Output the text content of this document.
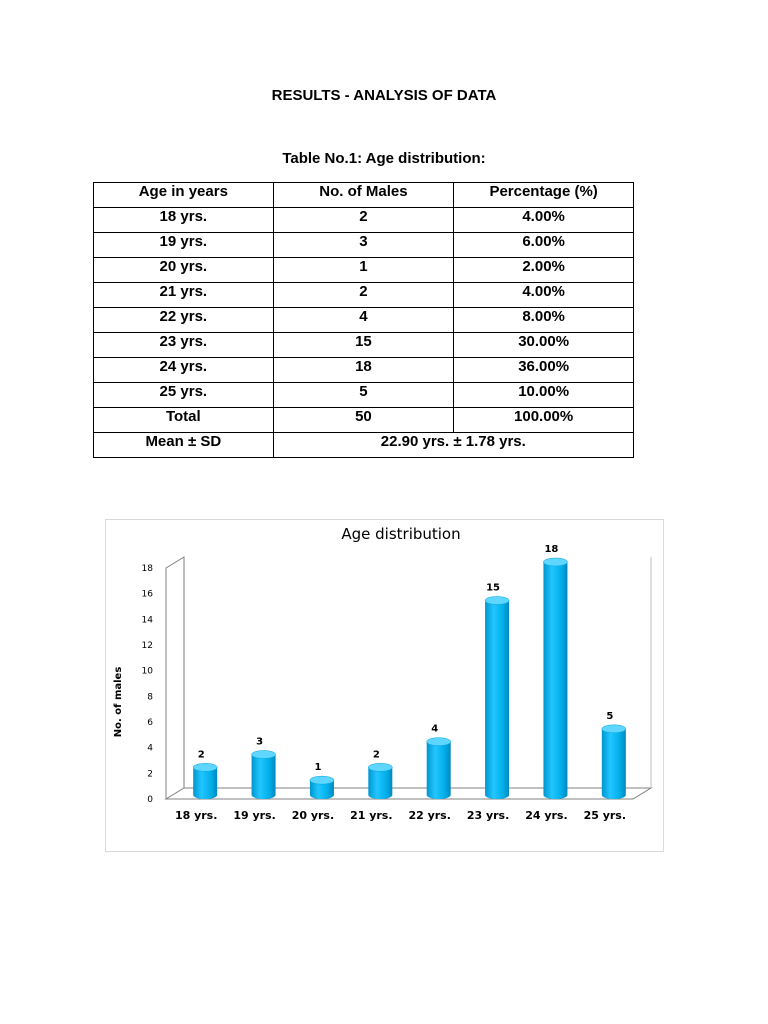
RESULTS - ANALYSIS OF DATA
Table No.1: Age distribution:
Age in years	No. of Males	Percentage (%)
18 yrs.	2	4.00%
19 yrs.	3	6.00%
20 yrs.	1	2.00%
21 yrs.	2	4.00%
22 yrs.	4	8.00%
23 yrs.	15	30.00%
24 yrs.	18	36.00%
25 yrs.	5	10.00%
Total	50	100.00%
Mean ± SD	22.90 yrs. ± 1.78 yrs.	
Age distribution
No. of males
0
2
4
6
8
10
12
14
16
18
2
3
1
2
4
15
18
5
18 yrs. 19 yrs. 20 yrs. 21 yrs. 22 yrs. 23 yrs. 24 yrs. 25 yrs.
